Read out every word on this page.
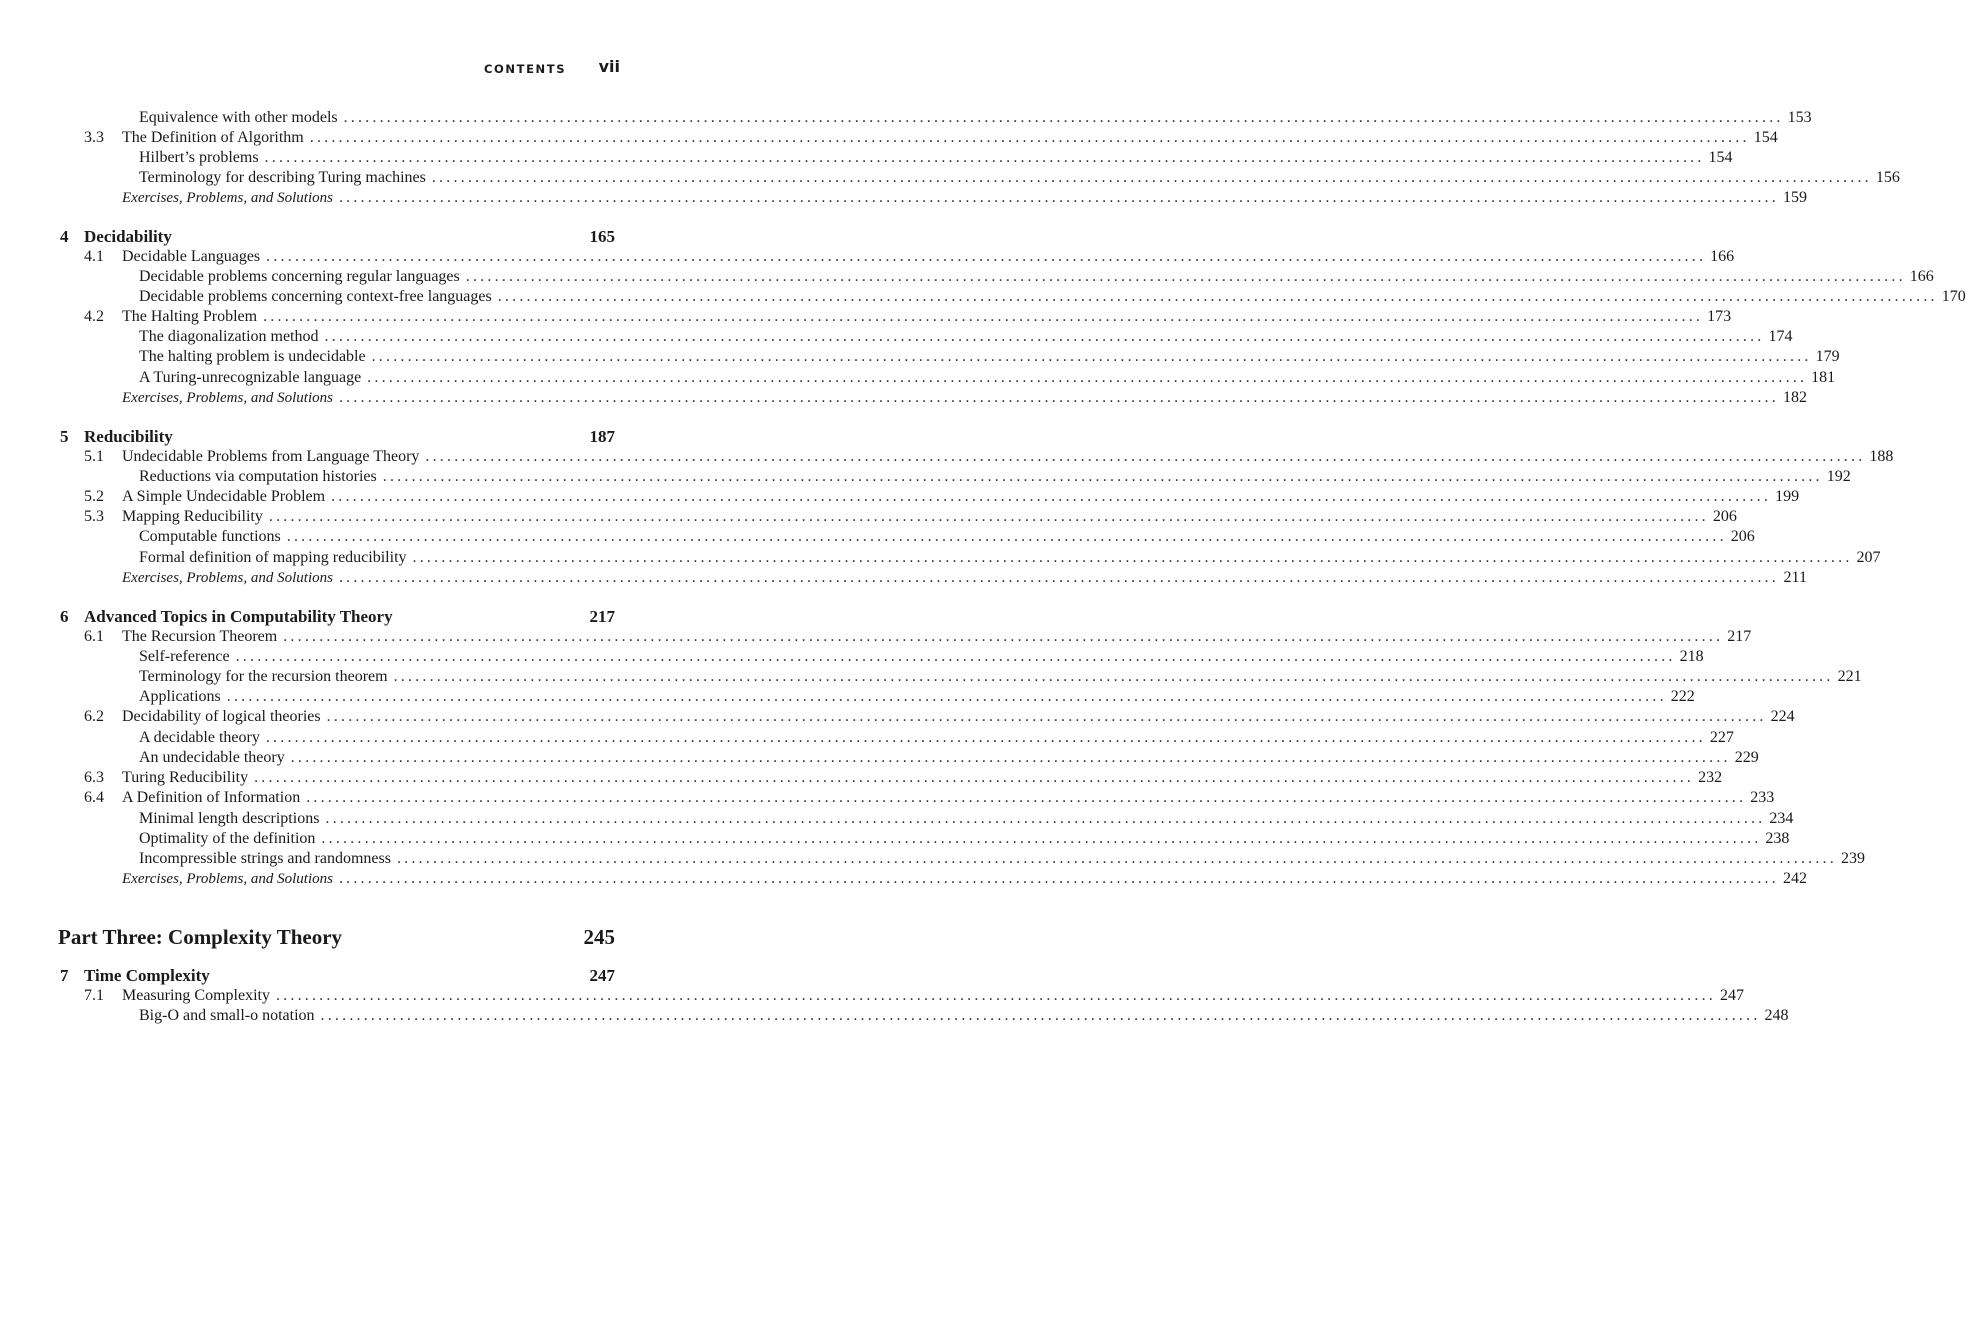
CONTENTS vii
Equivalence with other models ........................................................................................................................................................................................................ 153
3.3 The Definition of Algorithm ........................................................................................................................................................................................................ 154
Hilbert’s problems ........................................................................................................................................................................................................ 154
Terminology for describing Turing machines ........................................................................................................................................................................................................ 156
Exercises, Problems, and Solutions ........................................................................................................................................................................................................ 159
4 Decidability	165
4.1 Decidable Languages ........................................................................................................................................................................................................ 166
Decidable problems concerning regular languages ........................................................................................................................................................................................................ 166
Decidable problems concerning context-free languages ........................................................................................................................................................................................................ 170
4.2 The Halting Problem ........................................................................................................................................................................................................ 173
The diagonalization method ........................................................................................................................................................................................................ 174
The halting problem is undecidable ........................................................................................................................................................................................................ 179
A Turing-unrecognizable language ........................................................................................................................................................................................................ 181
Exercises, Problems, and Solutions ........................................................................................................................................................................................................ 182
5 Reducibility	187
5.1 Undecidable Problems from Language Theory ........................................................................................................................................................................................................ 188
Reductions via computation histories ........................................................................................................................................................................................................ 192
5.2 A Simple Undecidable Problem ........................................................................................................................................................................................................ 199
5.3 Mapping Reducibility ........................................................................................................................................................................................................ 206
Computable functions ........................................................................................................................................................................................................ 206
Formal definition of mapping reducibility ........................................................................................................................................................................................................ 207
Exercises, Problems, and Solutions ........................................................................................................................................................................................................ 211
6 Advanced Topics in Computability Theory	217
6.1 The Recursion Theorem ........................................................................................................................................................................................................ 217
Self-reference ........................................................................................................................................................................................................ 218
Terminology for the recursion theorem ........................................................................................................................................................................................................ 221
Applications ........................................................................................................................................................................................................ 222
6.2 Decidability of logical theories ........................................................................................................................................................................................................ 224
A decidable theory ........................................................................................................................................................................................................ 227
An undecidable theory ........................................................................................................................................................................................................ 229
6.3 Turing Reducibility ........................................................................................................................................................................................................ 232
6.4 A Definition of Information ........................................................................................................................................................................................................ 233
Minimal length descriptions ........................................................................................................................................................................................................ 234
Optimality of the definition ........................................................................................................................................................................................................ 238
Incompressible strings and randomness ........................................................................................................................................................................................................ 239
Exercises, Problems, and Solutions ........................................................................................................................................................................................................ 242
Part Three: Complexity Theory	245
7 Time Complexity	247
7.1 Measuring Complexity ........................................................................................................................................................................................................ 247
Big-O and small-o notation ........................................................................................................................................................................................................ 248
